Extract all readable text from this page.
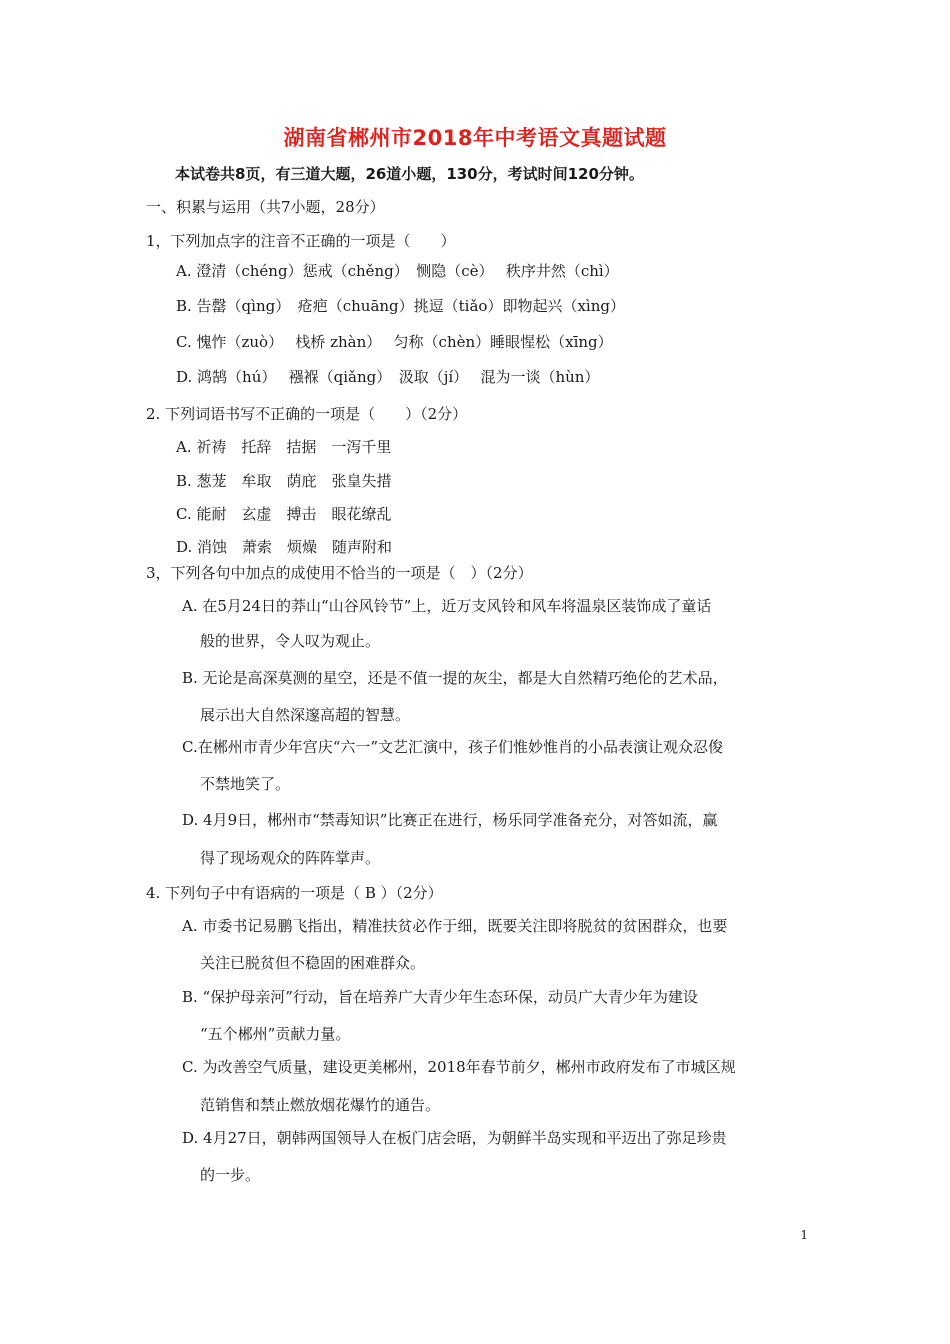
湖南省郴州市2018年中考语文真题试题
本试卷共8页，有三道大题，26道小题，130分，考试时间120分钟。
一、积累与运用（共7小题，28分）
1，下列加点字的注音不正确的一项是（　　）
A. 澄清（chéng）惩戒（chěng）　恻隐（cè）　 秩序井然（chì）
B. 告罄（qìng）　疮疤（chuāng）挑逗（tiǎo）即物起兴（xìng）
C. 愧怍（zuò）　 栈桥 zhàn）　 匀称（chèn）睡眼惺松（xīng）
D. 鸿鹄（hú）　 襁褓（qiǎng）　汲取（jí）　 混为一谈（hùn）
2. 下列词语书写不正确的一项是（　　）（2分）
A. 祈祷　托辞　拮据　一泻千里
B. 葱茏　牟取　荫庇　张皇失措
C. 能耐　玄虚　搏击　眼花缭乱
D. 消蚀　萧索　烦燥　随声附和
3，下列各句中加点的成使用不恰当的一项是（　）（2分）
A. 在5月24日的莽山“山谷风铃节”上，近万支风铃和风车将温泉区装饰成了童话
般的世界，令人叹为观止。
B. 无论是高深莫测的星空，还是不值一提的灰尘，都是大自然精巧绝伦的艺术品，
展示出大自然深邃高超的智慧。
C.在郴州市青少年宫庆“六一”文艺汇演中，孩子们惟妙惟肖的小品表演让观众忍俊
不禁地笑了。
D. 4月9日，郴州市“禁毒知识”比赛正在进行，杨乐同学准备充分，对答如流，赢
得了现场观众的阵阵掌声。
4. 下列句子中有语病的一项是（ B ）（2分）
A. 市委书记易鹏飞指出，精准扶贫必作于细，既要关注即将脱贫的贫困群众，也要
关注已脱贫但不稳固的困难群众。
B. “保护母亲河”行动，旨在培养广大青少年生态环保，动员广大青少年为建设
“五个郴州”贡献力量。
C. 为改善空气质量，建设更美郴州，2018年春节前夕，郴州市政府发布了市城区规
范销售和禁止燃放烟花爆竹的通告。
D. 4月27日，朝韩两国领导人在板门店会晤，为朝鲜半岛实现和平迈出了弥足珍贵
的一步。
1
